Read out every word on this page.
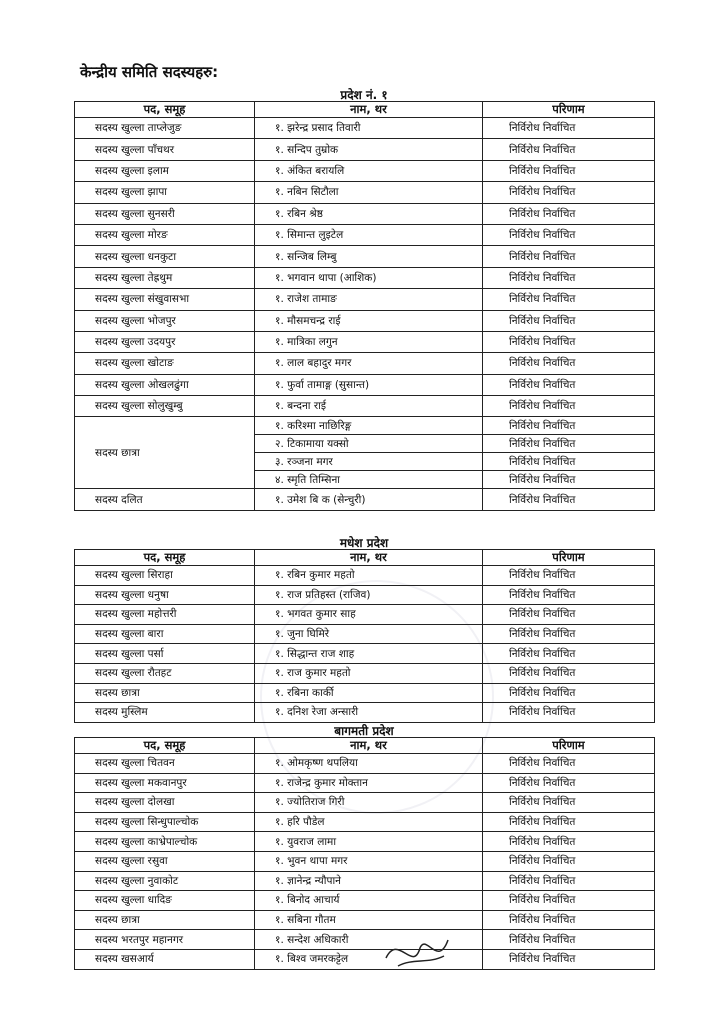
केन्द्रीय समिति सदस्यहरु:
प्रदेश नं. १
पद, समूह	नाम, थर	परिणाम
सदस्य खुल्ला ताप्लेजुङ	१. झरेन्द्र प्रसाद तिवारी	निर्विरोध निर्वाचित
सदस्य खुल्ला पाँचथर	१. सन्दिप तुम्रोक	निर्विरोध निर्वाचित
सदस्य खुल्ला इलाम	१. अंकित बरायलि	निर्विरोध निर्वाचित
सदस्य खुल्ला झापा	१. नबिन सिटौला	निर्विरोध निर्वाचित
सदस्य खुल्ला सुनसरी	१. रबिन श्रेष्ठ	निर्विरोध निर्वाचित
सदस्य खुल्ला मोरङ	१. सिमान्त लुइटेल	निर्विरोध निर्वाचित
सदस्य खुल्ला धनकुटा	१. सन्जिब लिम्बु	निर्विरोध निर्वाचित
सदस्य खुल्ला तेह्रथुम	१. भगवान थापा (आशिक)	निर्विरोध निर्वाचित
सदस्य खुल्ला संखुवासभा	१. राजेश तामाङ	निर्विरोध निर्वाचित
सदस्य खुल्ला भोजपुर	१. मौसमचन्द्र राई	निर्विरोध निर्वाचित
सदस्य खुल्ला उदयपुर	१. मात्रिका लगुन	निर्विरोध निर्वाचित
सदस्य खुल्ला खोटाङ	१. लाल बहादुर मगर	निर्विरोध निर्वाचित
सदस्य खुल्ला ओखलढुंगा	१. फुर्वा तामाङ्ग (सुसान्त)	निर्विरोध निर्वाचित
सदस्य खुल्ला सोलुखुम्बु	१. बन्दना राई	निर्विरोध निर्वाचित
सदस्य छात्रा	१. करिश्मा नाछिरिङ्ग	निर्विरोध निर्वाचित
	२. टिकामाया यक्सो	निर्विरोध निर्वाचित
	३. रञ्जना मगर	निर्विरोध निर्वाचित
	४. स्मृति तिम्सिना	निर्विरोध निर्वाचित
सदस्य दलित	१. उमेश बि क (सेन्चुरी)	निर्विरोध निर्वाचित
मधेश प्रदेश
पद, समूह	नाम, थर	परिणाम
सदस्य खुल्ला सिराहा	१. रबिन कुमार महतो	निर्विरोध निर्वाचित
सदस्य खुल्ला धनुषा	१. राज प्रतिहस्त (राजिव)	निर्विरोध निर्वाचित
सदस्य खुल्ला महोत्तरी	१. भगवत कुमार साह	निर्विरोध निर्वाचित
सदस्य खुल्ला बारा	१. जुना घिमिरे	निर्विरोध निर्वाचित
सदस्य खुल्ला पर्सा	१. सिद्धान्त राज शाह	निर्विरोध निर्वाचित
सदस्य खुल्ला रौतहट	१. राज कुमार महतो	निर्विरोध निर्वाचित
सदस्य छात्रा	१. रबिना कार्की	निर्विरोध निर्वाचित
सदस्य मुस्लिम	१. दनिश रेजा अन्सारी	निर्विरोध निर्वाचित
बागमती प्रदेश
पद, समूह	नाम, थर	परिणाम
सदस्य खुल्ला चितवन	१. ओमकृष्ण थपलिया	निर्विरोध निर्वाचित
सदस्य खुल्ला मकवानपुर	१. राजेन्द्र कुमार मोक्तान	निर्विरोध निर्वाचित
सदस्य खुल्ला दोलखा	१. ज्योतिराज गिरी	निर्विरोध निर्वाचित
सदस्य खुल्ला सिन्धुपाल्चोक	१. हरि पौडेल	निर्विरोध निर्वाचित
सदस्य खुल्ला काभ्रेपाल्चोक	१. युवराज लामा	निर्विरोध निर्वाचित
सदस्य खुल्ला रसुवा	१. भुवन थापा मगर	निर्विरोध निर्वाचित
सदस्य खुल्ला नुवाकोट	१. ज्ञानेन्द्र न्यौपाने	निर्विरोध निर्वाचित
सदस्य खुल्ला धादिङ	१. बिनोद आचार्य	निर्विरोध निर्वाचित
सदस्य छात्रा	१. सबिना गौतम	निर्विरोध निर्वाचित
सदस्य भरतपुर महानगर	१. सन्देश अधिकारी	निर्विरोध निर्वाचित
सदस्य खसआर्य	१. बिश्व जमरकट्टेल	निर्विरोध निर्वाचित
